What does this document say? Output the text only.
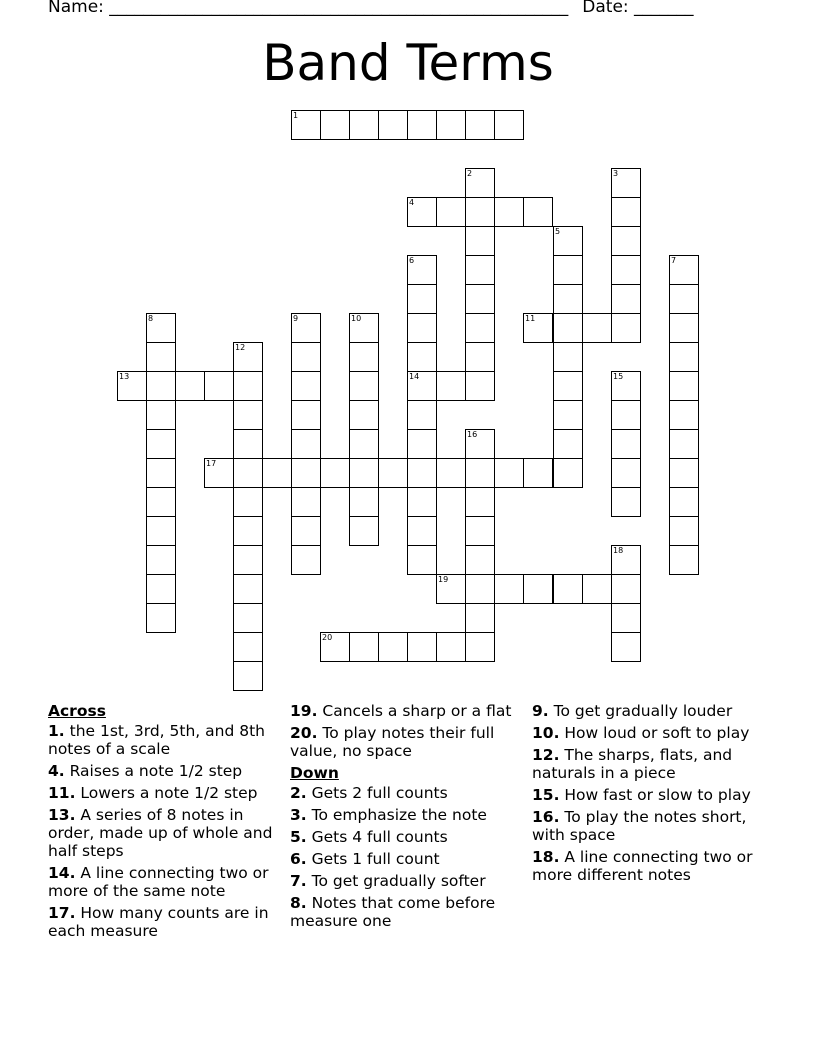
Name: ______________________________________________________ Date: _______
Band Terms
1
2	3
4
5
6	7
8	9	10	11
12
13	14	15
16
17
18
19
20
Across
1. the 1st, 3rd, 5th, and 8th notes of a scale
4. Raises a note 1/2 step
11. Lowers a note 1/2 step
13. A series of 8 notes in order, made up of whole and half steps
14. A line connecting two or more of the same note
17. How many counts are in each measure
19. Cancels a sharp or a flat
20. To play notes their full value, no space
Down
2. Gets 2 full counts
3. To emphasize the note
5. Gets 4 full counts
6. Gets 1 full count
7. To get gradually softer
8. Notes that come before measure one
9. To get gradually louder
10. How loud or soft to play
12. The sharps, flats, and naturals in a piece
15. How fast or slow to play
16. To play the notes short, with space
18. A line connecting two or more different notes
